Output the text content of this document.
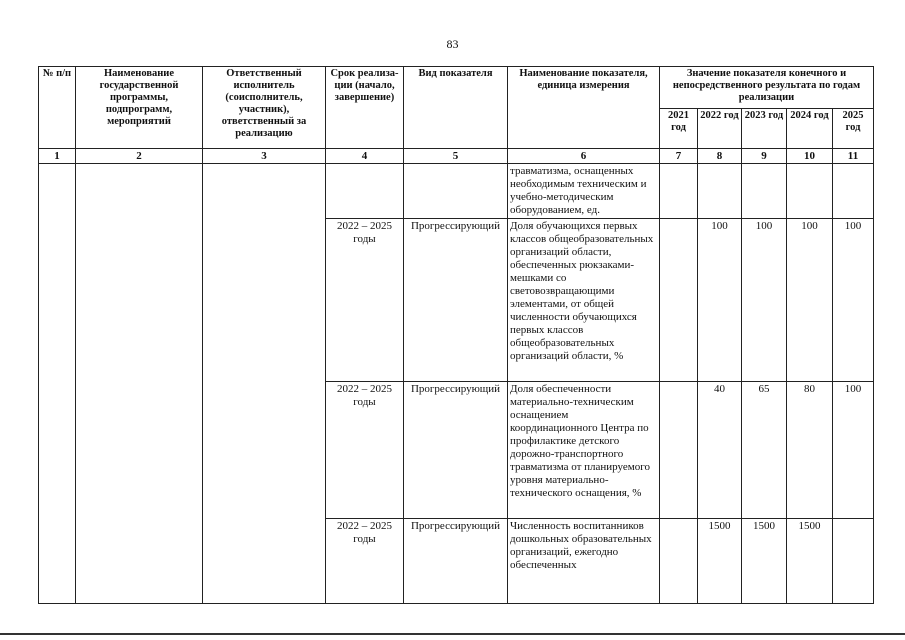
83
№ п/п	Наименование государственной программы, подпрограмм, мероприятий	Ответственный исполнитель (соисполнитель, участник), ответственный за реализацию	Срок реализа-ции (начало, завершение)	Вид показателя	Наименование показателя, единица измерения	Значение показателя конечного и непосредственного результата по годам реализации				
						2021 год	2022 год	2023 год	2024 год	2025 год
1	2	3	4	5	6	7	8	9	10	11
					травматизма, оснащенных необходимым техническим и учебно-методическим оборудованием, ед.					
			2022 – 2025 годы	Прогрессирующий	Доля обучающихся первых классов общеобразовательных организаций области, обеспеченных рюкзаками-мешками со световозвращающими элементами, от общей численности обучающихся первых классов общеобразовательных организаций области, %		100	100	100	100
			2022 – 2025 годы	Прогрессирующий	Доля обеспеченности материально-техническим оснащением координационного Центра по профилактике детского дорожно-транспортного травматизма от планируемого уровня материально-технического оснащения, %		40	65	80	100
			2022 – 2025 годы	Прогрессирующий	Численность воспитанников дошкольных образовательных организаций, ежегодно обеспеченных		1500	1500	1500	
